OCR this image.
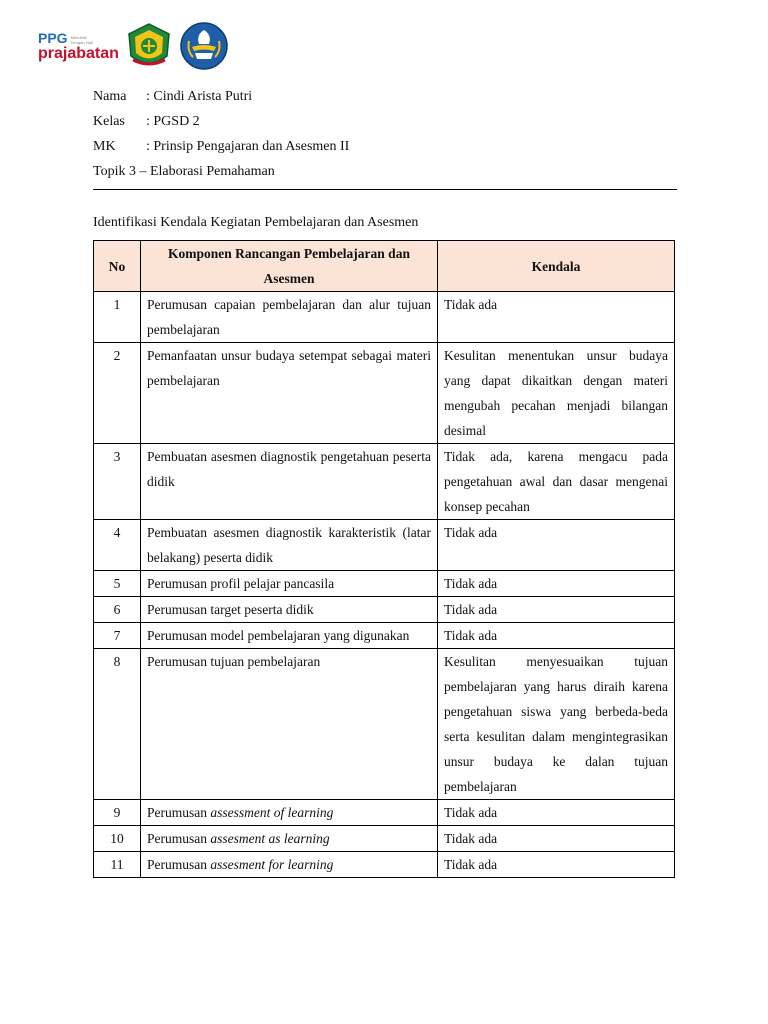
PPG Mendidik Dengan Hati
prajabatan
Nama	: Cindi Arista Putri
Kelas	: PGSD 2
MK	: Prinsip Pengajaran dan Asesmen II
Topik 3 – Elaborasi Pemahaman
Identifikasi Kendala Kegiatan Pembelajaran dan Asesmen
No	Komponen Rancangan Pembelajaran dan Asesmen	Kendala
1	Perumusan capaian pembelajaran dan alur tujuan pembelajaran	Tidak ada
2	Pemanfaatan unsur budaya setempat sebagai materi pembelajaran	Kesulitan menentukan unsur budaya yang dapat dikaitkan dengan materi mengubah pecahan menjadi bilangan desimal
3	Pembuatan asesmen diagnostik pengetahuan peserta didik	Tidak ada, karena mengacu pada pengetahuan awal dan dasar mengenai konsep pecahan
4	Pembuatan asesmen diagnostik karakteristik (latar belakang) peserta didik	Tidak ada
5	Perumusan profil pelajar pancasila	Tidak ada
6	Perumusan target peserta didik	Tidak ada
7	Perumusan model pembelajaran yang digunakan	Tidak ada
8	Perumusan tujuan pembelajaran	Kesulitan menyesuaikan tujuan pembelajaran yang harus diraih karena pengetahuan siswa yang berbeda-beda serta kesulitan dalam mengintegrasikan unsur budaya ke dalan tujuan pembelajaran
9	Perumusan assessment of learning	Tidak ada
10	Perumusan assesment as learning	Tidak ada
11	Perumusan assesment for learning	Tidak ada
